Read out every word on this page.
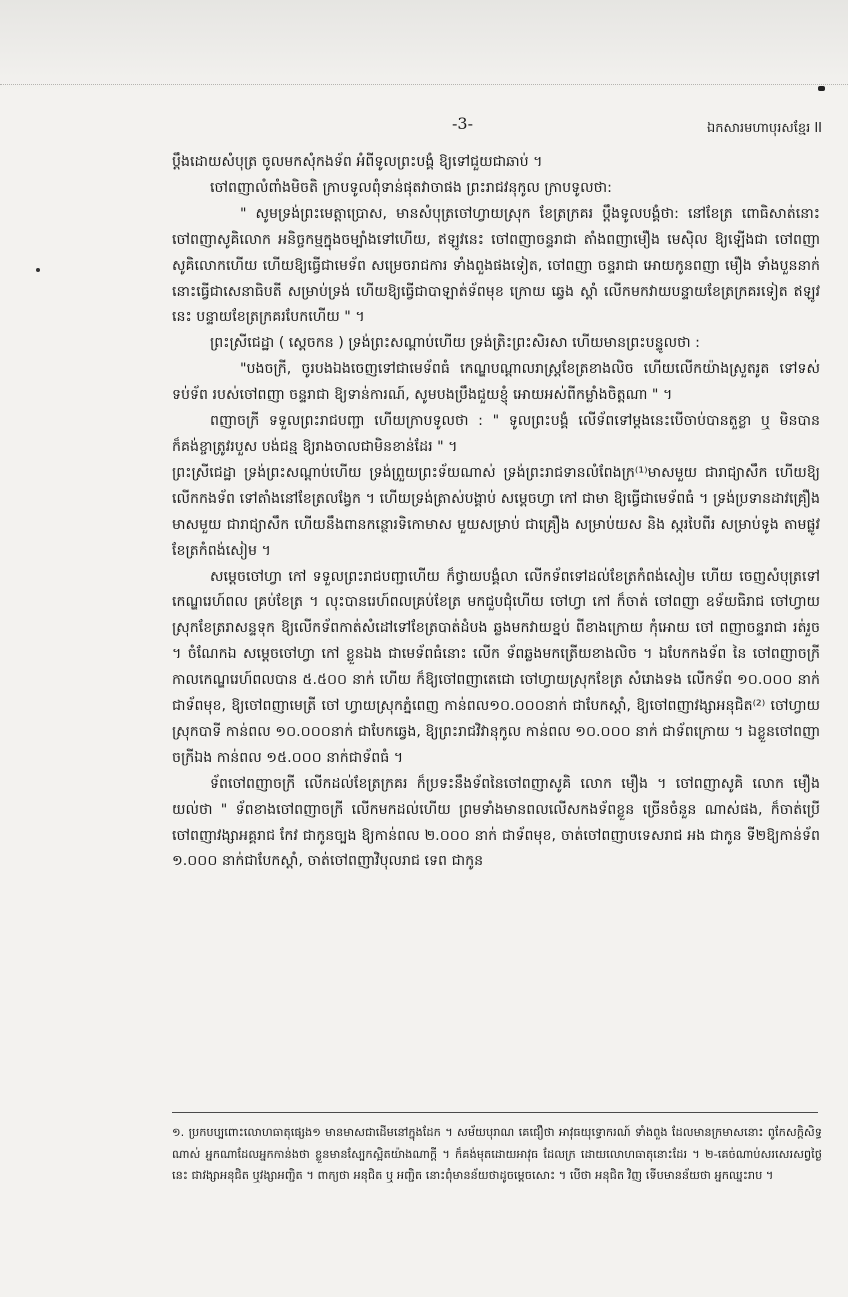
-3-	ឯកសារមហាបុរសខ្មែរ II

ប្ដឹងដោយសំបុត្រ ចូលមកសុំកងទ័ព អំពីទូលព្រះបង្គំ ឱ្យទៅជួយជាឆាប់ ។

ចៅពញាលំពាំងមិចតិ ក្រាបទូលពុំទាន់ផុតវាចាផង ព្រះរាជវនុកូល ក្រាបទូលថា:

" សូមទ្រង់ព្រះមេត្តាប្រោស, មានសំបុត្រចៅហ្វាយស្រុក ខែត្រក្រគរ ប្ដឹងទូលបង្គំថា: នៅខែត្រ ពោធិសាត់នោះ ចៅពញាសូគិលោក អនិច្ចកម្មក្នុងចម្បាំងទៅហើយ, ឥឡូវនេះ ចៅពញាចន្ទរាជា តាំងពញាមឿង មេស៊ិល ឱ្យឡើងជា ចៅពញា សូគិលោកហើយ ហើយឱ្យធ្វើជាមេទ័ព សម្រេចរាជការ ទាំងពួងផងទៀត, ចៅពញា ចន្ទរាជា អោយកូនពញា មឿង ទាំងបួននាក់នោះធ្វើជាសេនាធិបតី សម្រាប់ទ្រង់ ហើយឱ្យធ្វើជាបាឡាត់ទ័ពមុខ ក្រោយ ឆ្វេង ស្ដាំ លើកមកវាយបន្ទាយខែត្រក្រគរទៀត ឥឡូវនេះ បន្ទាយខែត្រក្រគរបែកហើយ " ។

ព្រះស្រីជេដ្ឋា ( ស្ដេចកន ) ទ្រង់ព្រះសណ្ដាប់ហើយ ទ្រង់ត្រិះព្រះសិរសា ហើយមានព្រះបន្ទូលថា :

"បងចក្រី, ចូរបងឯងចេញទៅជាមេទ័ពធំ កេណ្ឌបណ្ដាលរាស្ត្រខែត្រខាងលិច ហើយលើកយ៉ាងស្រួតរូត ទៅទស់ ទប់ទ័ព របស់ចៅពញា ចន្ទរាជា ឱ្យទាន់ការណ៍, សូមបងប្រឹងជួយខ្ញុំ អោយអស់ពីកម្លាំងចិត្តណា " ។

ពញាចក្រី ទទួលព្រះរាជបញ្ជា ហើយក្រាបទូលថា : " ទូលព្រះបង្គំ លើទ័ពទៅម្ដងនេះបើចាប់បានតួខ្លា ឬ មិនបាន ក៏គង់ខ្ចាត្រូវរបួស បង់ជន្ម ឱ្យរាងចាលជាមិនខាន់ដែរ " ។

ព្រះស្រីជេដ្ឋា ទ្រង់ព្រះសណ្ដាប់ហើយ ទ្រង់ព្រួយព្រះទ័យណាស់ ទ្រង់ព្រះរាជទានលំពែងក្រ⁽¹⁾មាសមួយ ជារាជ្យាសឹក ហើយឱ្យលើកកងទ័ព ទៅតាំងនៅខែត្រលង្វែក ។ ហើយទ្រង់ត្រាស់បង្គាប់ សម្ដេចហ្វា កៅ ជាមា ឱ្យធ្វើជាមេទ័ពធំ ។ ទ្រង់ប្រទានដាវគ្រឿងមាសមួយ ជារាជ្យាសឹក ហើយនឹងពានកន្ថោរទិកោមាស មួយសម្រាប់ ជាគ្រឿង សម្រាប់យស និង ស្ករបៃពីរ សម្រាប់ទូង តាមផ្លូវខែត្រកំពង់សៀម ។

សម្ដេចចៅហ្វា កៅ ទទួលព្រះរាជបញ្ជាហើយ ក៏ថ្វាយបង្គំលា លើកទ័ពទៅដល់ខែត្រកំពង់សៀម ហើយ ចេញសំបុត្រទៅកេណ្ឌរេហ៍ពល គ្រប់ខែត្រ ។ លុះបានរេហ៍ពលគ្រប់ខែត្រ មកជួបជុំហើយ ចៅហ្វា កៅ ក៏ចាត់ ចៅពញា ឧទ័យធិរាជ ចៅហ្វាយស្រុកខែត្ររាសន្ទទុក ឱ្យលើកទ័ពកាត់សំដៅទៅខែត្របាត់ដំបង ឆ្លងមកវាយខ្នប់ ពីខាងក្រោយ កុំអោយ ចៅ ពញាចន្ទរាជា រត់រួច ។ ចំណែកឯ សម្ដេចចៅហ្វា កៅ ខ្លួនឯង ជាមេទ័ពធំនោះ លើក ទ័ពឆ្លងមកត្រើយខាងលិច ។ ឯបែកកងទ័ព នៃ ចៅពញាចក្រី កាលកេណ្ឌរេហ៍ពលបាន ៥.៥០០ នាក់ ហើយ ក៏ឱ្យចៅពញាតេជោ ចៅហ្វាយស្រុកខែត្រ សំរោងទង លើកទ័ព ១០.០០០ នាក់ ជាទ័ពមុខ, ឱ្យចៅពញាមេត្រី ចៅ ហ្វាយស្រុកភ្នំពេញ កាន់ពល១០.០០០នាក់ ជាបែកស្ដាំ, ឱ្យចៅពញាវង្សាអនុជិត⁽²⁾ ចៅហ្វាយស្រុកបាទី កាន់ពល ១០.០០០នាក់ ជាបែកឆ្វេង, ឱ្យព្រះរាជវិវានុកូល កាន់ពល ១០.០០០ នាក់ ជាទ័ពក្រោយ ។ ឯខ្លួនចៅពញា ចក្រីឯង កាន់ពល ១៥.០០០ នាក់ជាទ័ពធំ ។

ទ័ពចៅពញាចក្រី លើកដល់ខែត្រក្រគរ ក៏ប្រទះនឹងទ័ពនៃចៅពញាសូគិ លោក មឿង ។ ចៅពញាសូគិ លោក មឿង យល់ថា " ទ័ពខាងចៅពញាចក្រី លើកមកដល់ហើយ ព្រមទាំងមានពលលើសកងទ័ពខ្លួន ច្រើនចំនួន ណាស់ផង, ក៏ចាត់ប្រើចៅពញាវង្សាអគ្គរាជ កែវ ជាកូនច្បង ឱ្យកាន់ពល ២.០០០ នាក់ ជាទ័ពមុខ, ចាត់ចៅពញាបទេសរាជ អង ជាកូន ទី២ឱ្យកាន់ទ័ព ១.០០០ នាក់ជាបែកស្ដាំ, ចាត់ចៅពញាវិបុលរាជ ទេព ជាកូន

១. ប្រកបប្បពោះលោហធាតុផ្សេង១ មានមាសជាដើមនៅក្នុងដែក ។ សម័យបុរាណ គេជឿថា អាវុធយុទ្ធោករណ៍ ទាំងពួង ដែលមានក្រមាសនោះ ពូកែសក្តិសិទ្ធណាស់ អ្នកណាដែលអ្នកកាន់ងថា ខ្លួនមានស្បែកស្អិតយ៉ាងណាក្តី ។ ក៏គង់មុតដោយអាវុធ ដែលក្រ ដោយលោហធាតុនោះដែរ ។ ២-គេច់ណាប់សរសេរសព្វថ្ងៃនេះ ជាវង្សាអនុជិត ឬវង្សាអញ្ជិត ។ ពាក្យថា អនុជិត ឬ អញ្ជិត នោះពុំមានន័យថាដូចម្ដេចសោះ ។ បើថា អនុជិត វិញ ទើបមានន័យថា អ្នកឈ្នះរាប ។
